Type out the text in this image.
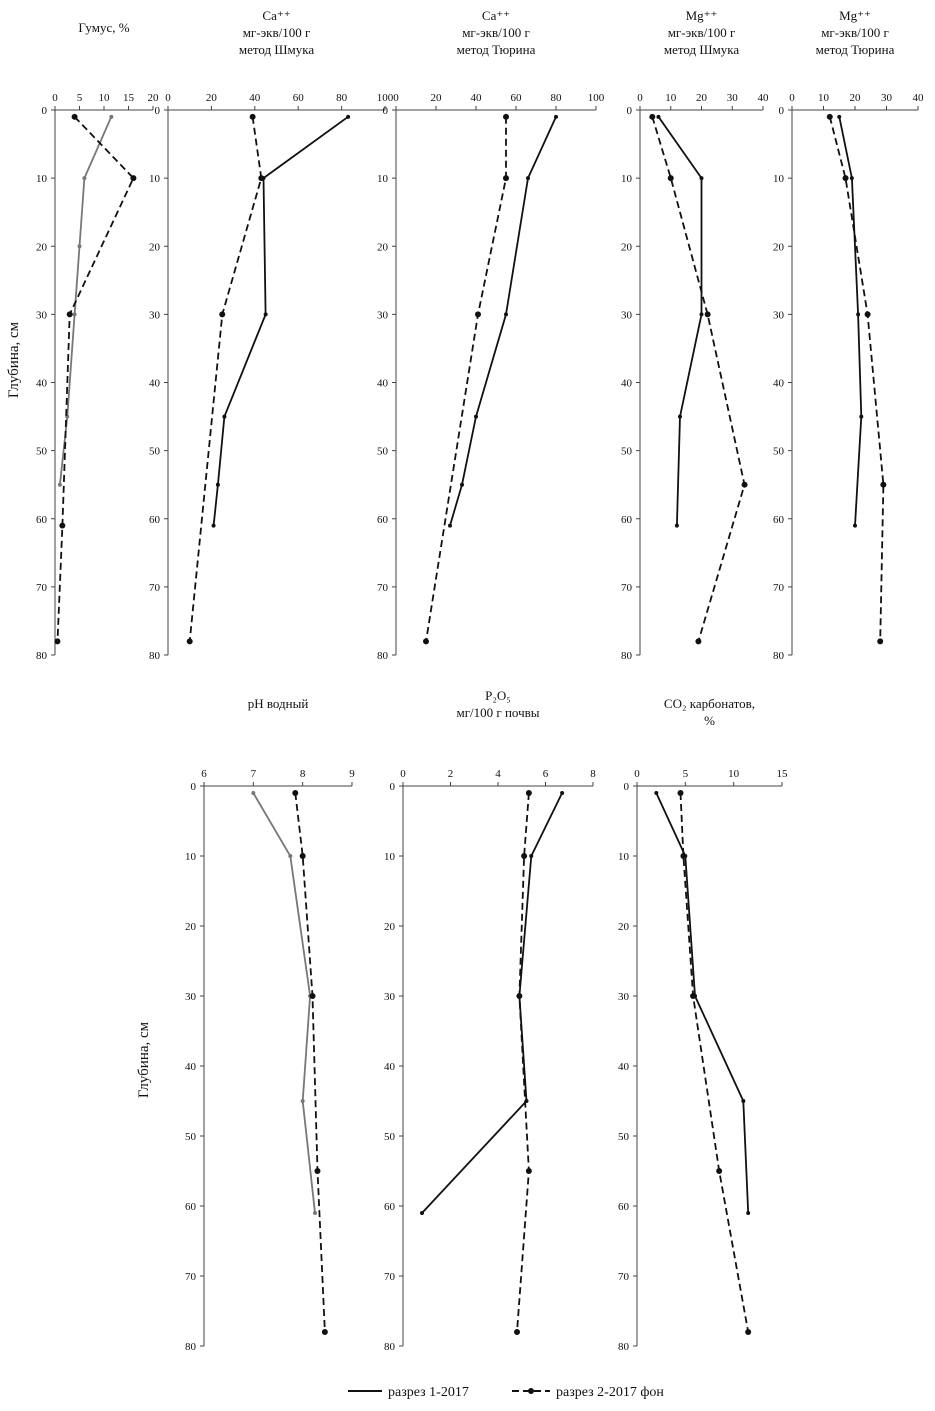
0 5 10 15 20
0
10
20
30
40
50
60
70
80
Гумус, %
Глубина, см
0	20	40	60	80	100
0
10
20
30
40
50
60
70
80
Ca⁺⁺
мг-экв/100 г
метод Шмука
0	20	40	60	80 100
0
10
20
30
40
50
60
70
80
Ca⁺⁺
мг-экв/100 г
метод Тюрина
0 10 20 30 40
0
10
20
30
40
50
60
70
80
Mg⁺⁺
мг-экв/100 г
метод Шмука
0 10 20 30 40
0
10
20
30
40
50
60
70
80
Mg⁺⁺
мг-экв/100 г
метод Тюрина
6	7	8	9
0
10
20
30
40
50
60
70
80
pH водный
Глубина, см
0	2	4	6	8
0
10
20
30
40
50
60
70
80
P₂O₅
мг/100 г почвы
0	5	10	15
0
10
20
30
40
50
60
70
80
CO₂ карбонатов,
%
разрез 1-2017	разрез 2-2017 фон
